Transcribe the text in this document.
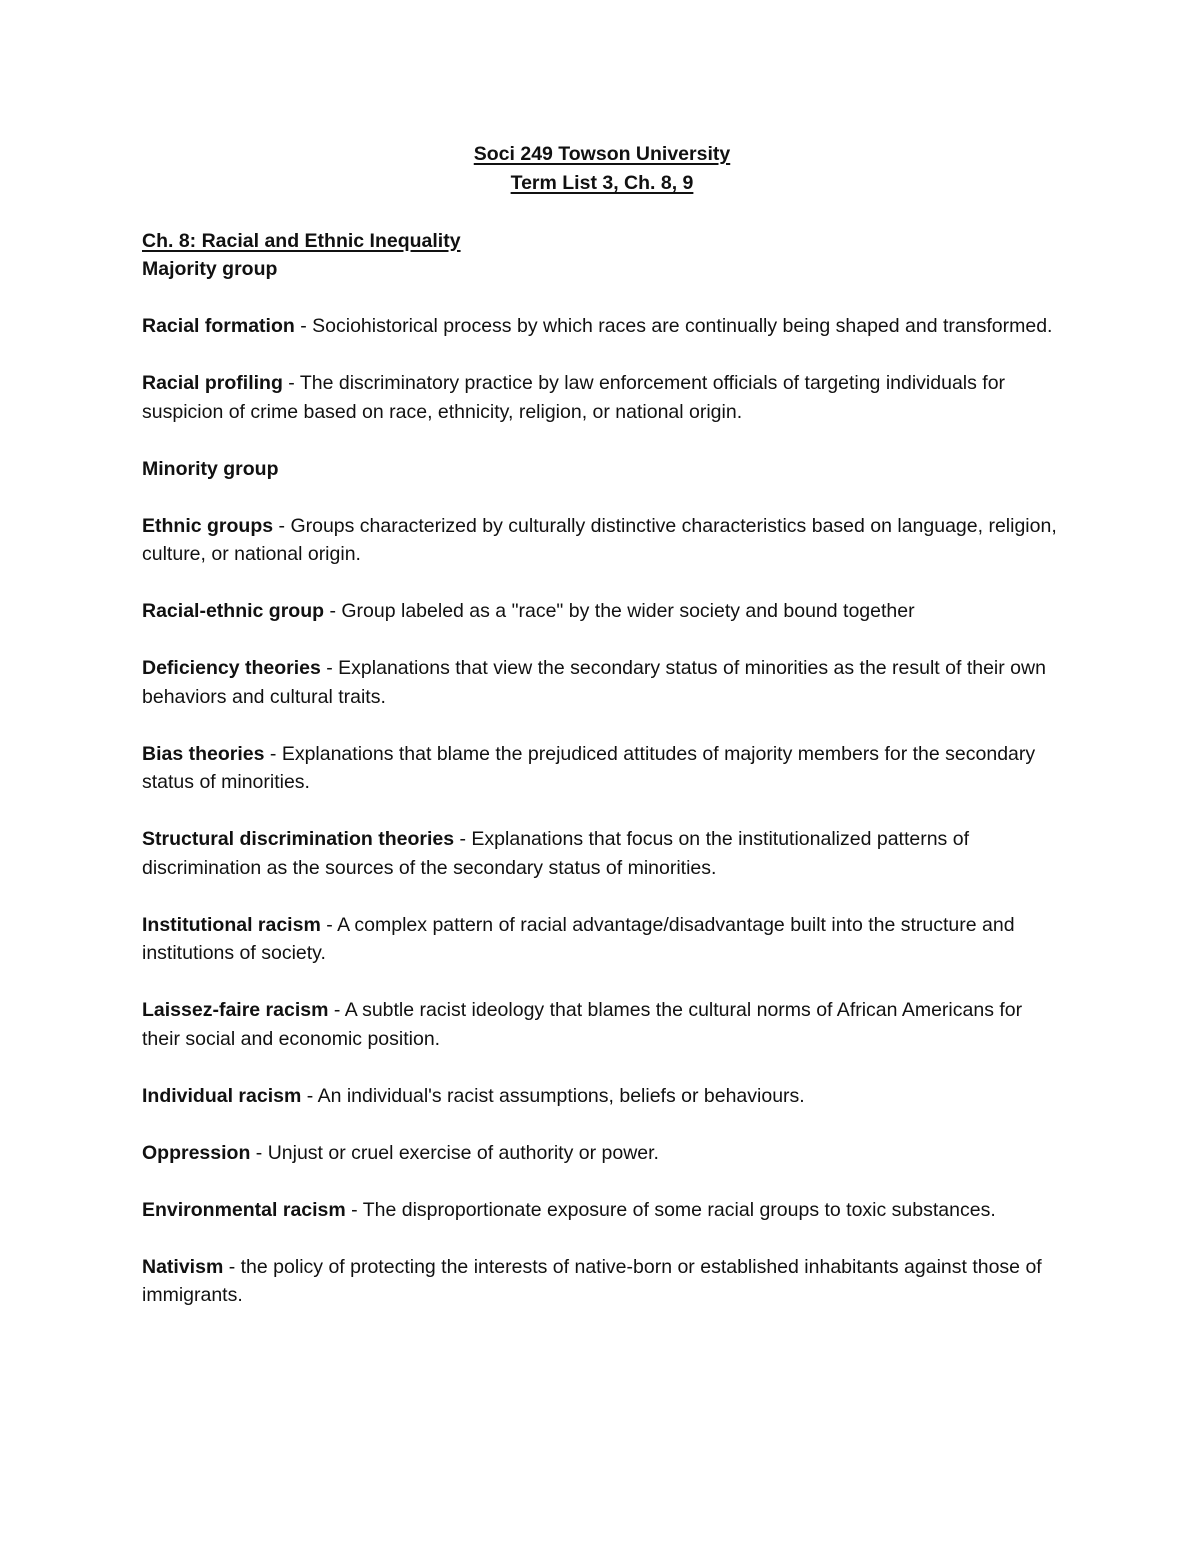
Soci 249 Towson University

Term List 3, Ch. 8, 9

Ch. 8: Racial and Ethnic Inequality

Majority group

Racial formation - Sociohistorical process by which races are continually being shaped and transformed.

Racial profiling - The discriminatory practice by law enforcement officials of targeting individuals for suspicion of crime based on race, ethnicity, religion, or national origin.

Minority group

Ethnic groups - Groups characterized by culturally distinctive characteristics based on language, religion, culture, or national origin.

Racial-ethnic group - Group labeled as a "race" by the wider society and bound together

Deficiency theories - Explanations that view the secondary status of minorities as the result of their own behaviors and cultural traits.

Bias theories - Explanations that blame the prejudiced attitudes of majority members for the secondary status of minorities.

Structural discrimination theories - Explanations that focus on the institutionalized patterns of discrimination as the sources of the secondary status of minorities.

Institutional racism - A complex pattern of racial advantage/disadvantage built into the structure and institutions of society.

Laissez-faire racism - A subtle racist ideology that blames the cultural norms of African Americans for their social and economic position.

Individual racism - An individual's racist assumptions, beliefs or behaviours.

Oppression - Unjust or cruel exercise of authority or power.

Environmental racism - The disproportionate exposure of some racial groups to toxic substances.

Nativism - the policy of protecting the interests of native-born or established inhabitants against those of immigrants.
